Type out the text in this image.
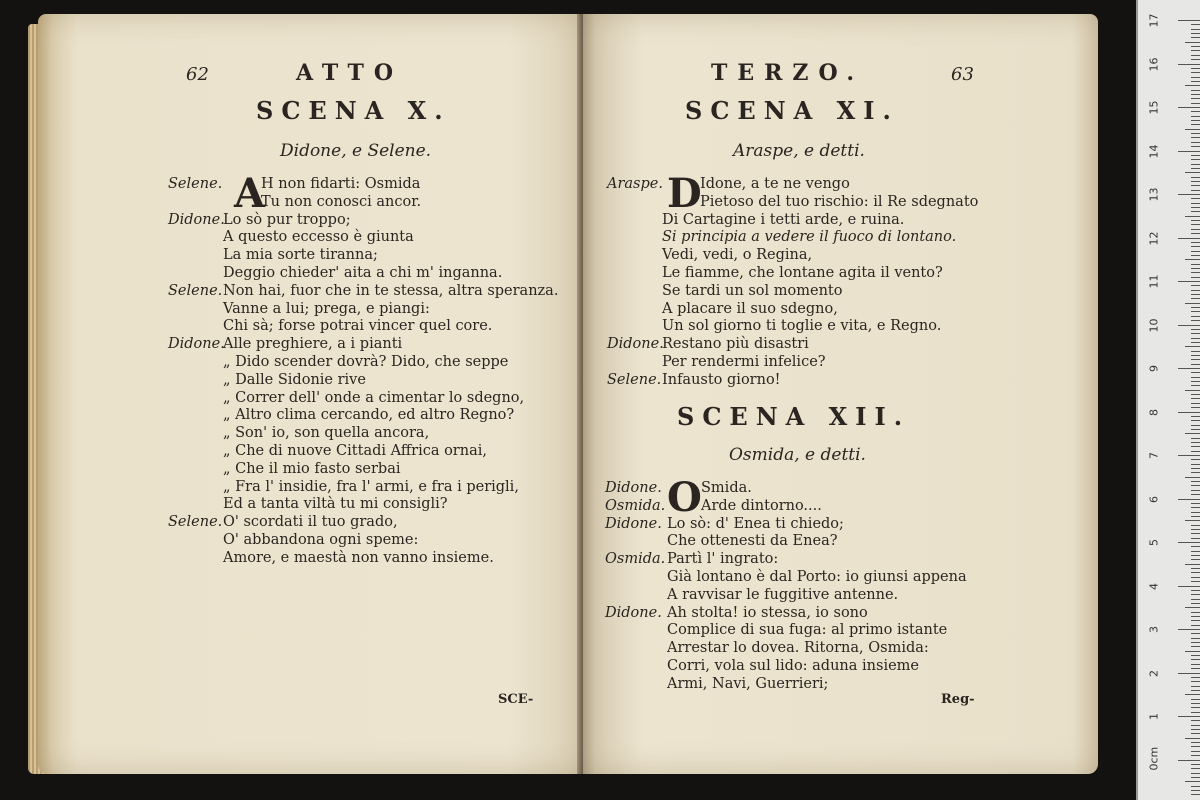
62	ATTO
SCENA X.
Didone, e Selene.
A
Selene.	H non fidarti: Osmida
Tu non conosci ancor.
Didone.Lo sò pur troppo;
A questo eccesso è giunta
La mia sorte tiranna;
Deggio chieder' aita a chi m' inganna.
Selene.Non hai, fuor che in te stessa, altra speranza.
Vanne a lui; prega, e piangi:
Chi sà; forse potrai vincer quel core.
Didone.Alle preghiere, a i pianti
„ Dido scender dovrà? Dido, che seppe
„ Dalle Sidonie rive
„ Correr dell' onde a cimentar lo sdegno,
„ Altro clima cercando, ed altro Regno?
„ Son' io, son quella ancora,
„ Che di nuove Cittadi Affrica ornai,
„ Che il mio fasto serbai
„ Fra l' insidie, fra l' armi, e fra i perigli,
Ed a tanta viltà tu mi consigli?
Selene.O' scordati il tuo grado,
O' abbandona ogni speme:
Amore, e maestà non vanno insieme.
SCE-
TERZO.	63
SCENA XI.
Araspe, e detti.
D
Araspe.	Idone, a te ne vengo
Pietoso del tuo rischio: il Re sdegnato
Di Cartagine i tetti arde, e ruina.
Si principia a vedere il fuoco di lontano.
Vedi, vedi, o Regina,
Le fiamme, che lontane agita il vento?
Se tardi un sol momento
A placare il suo sdegno,
Un sol giorno ti toglie e vita, e Regno.
Didone.Restano più disastri
Per rendermi infelice?
Selene.Infausto giorno!
SCENA XII.
Osmida, e detti.
O
Didone.	Smida.
Osmida. Arde dintorno....
Didone. Lo sò: d' Enea ti chiedo;
Che ottenesti da Enea?
Osmida. Partì l' ingrato:
Già lontano è dal Porto: io giunsi appena
A ravvisar le fuggitive antenne.
Didone. Ah stolta! io stessa, io sono
Complice di sua fuga: al primo istante
Arrestar lo dovea. Ritorna, Osmida:
Corri, vola sul lido: aduna insieme
Armi, Navi, Guerrieri;
Reg-
17
16
15
14
13
12
11
10
9
8
7
6
5
4
3
2
1
0cm
